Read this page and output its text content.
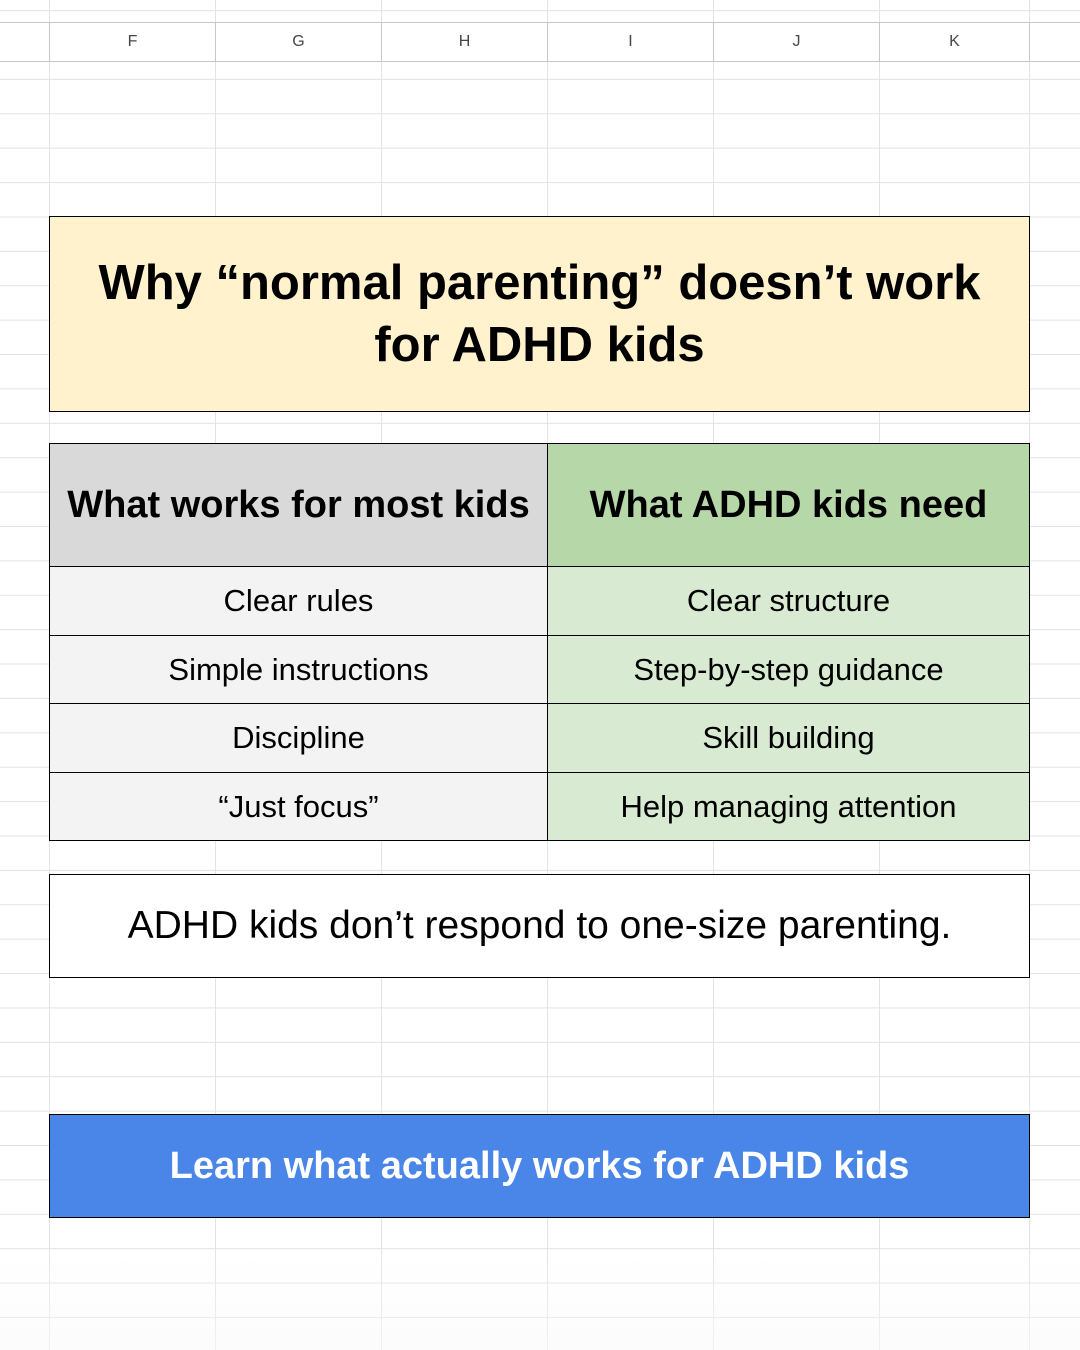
F	G	H	I	J	K
Why “normal parenting” doesn’t work for ADHD kids
What works for most kids	What ADHD kids need
Clear rules	Clear structure
Simple instructions	Step-by-step guidance
Discipline	Skill building
“Just focus”	Help managing attention
ADHD kids don’t respond to one-size parenting.
Learn what actually works for ADHD kids
